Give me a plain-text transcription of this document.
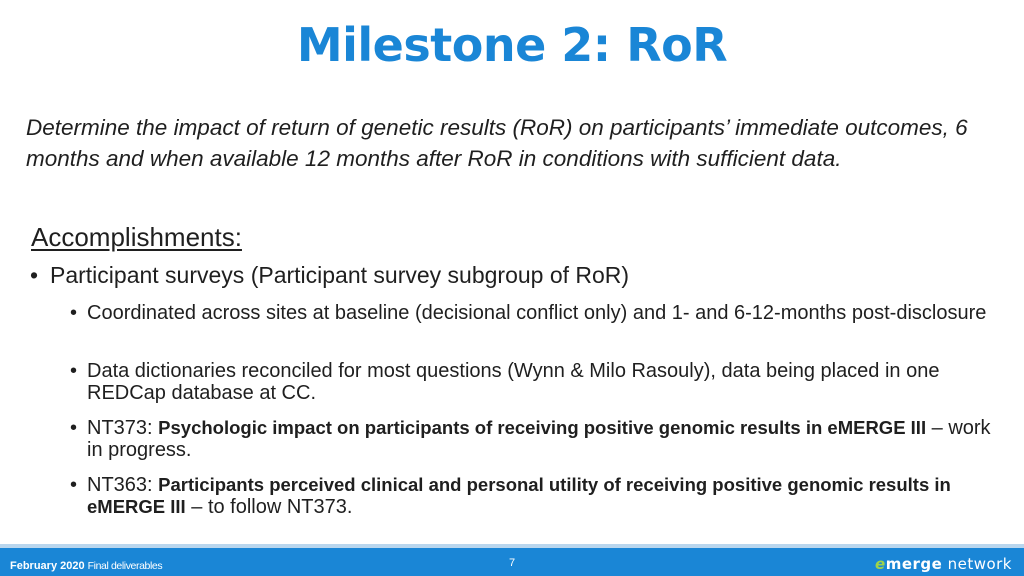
Milestone 2: RoR
Determine the impact of return of genetic results (RoR) on participants’ immediate outcomes, 6 months and when available 12 months after RoR in conditions with sufficient data.
Accomplishments:
• Participant surveys (Participant survey subgroup of RoR)
• Coordinated across sites at baseline (decisional conflict only) and 1- and 6-12-months post-disclosure
• Data dictionaries reconciled for most questions (Wynn & Milo Rasouly), data being placed in one REDCap database at CC.
• NT373: Psychologic impact on participants of receiving positive genomic results in eMERGE III – work in progress.
• NT363: Participants perceived clinical and personal utility of receiving positive genomic results in eMERGE III – to follow NT373.
February 2020 Final deliverables	7	emerge network
